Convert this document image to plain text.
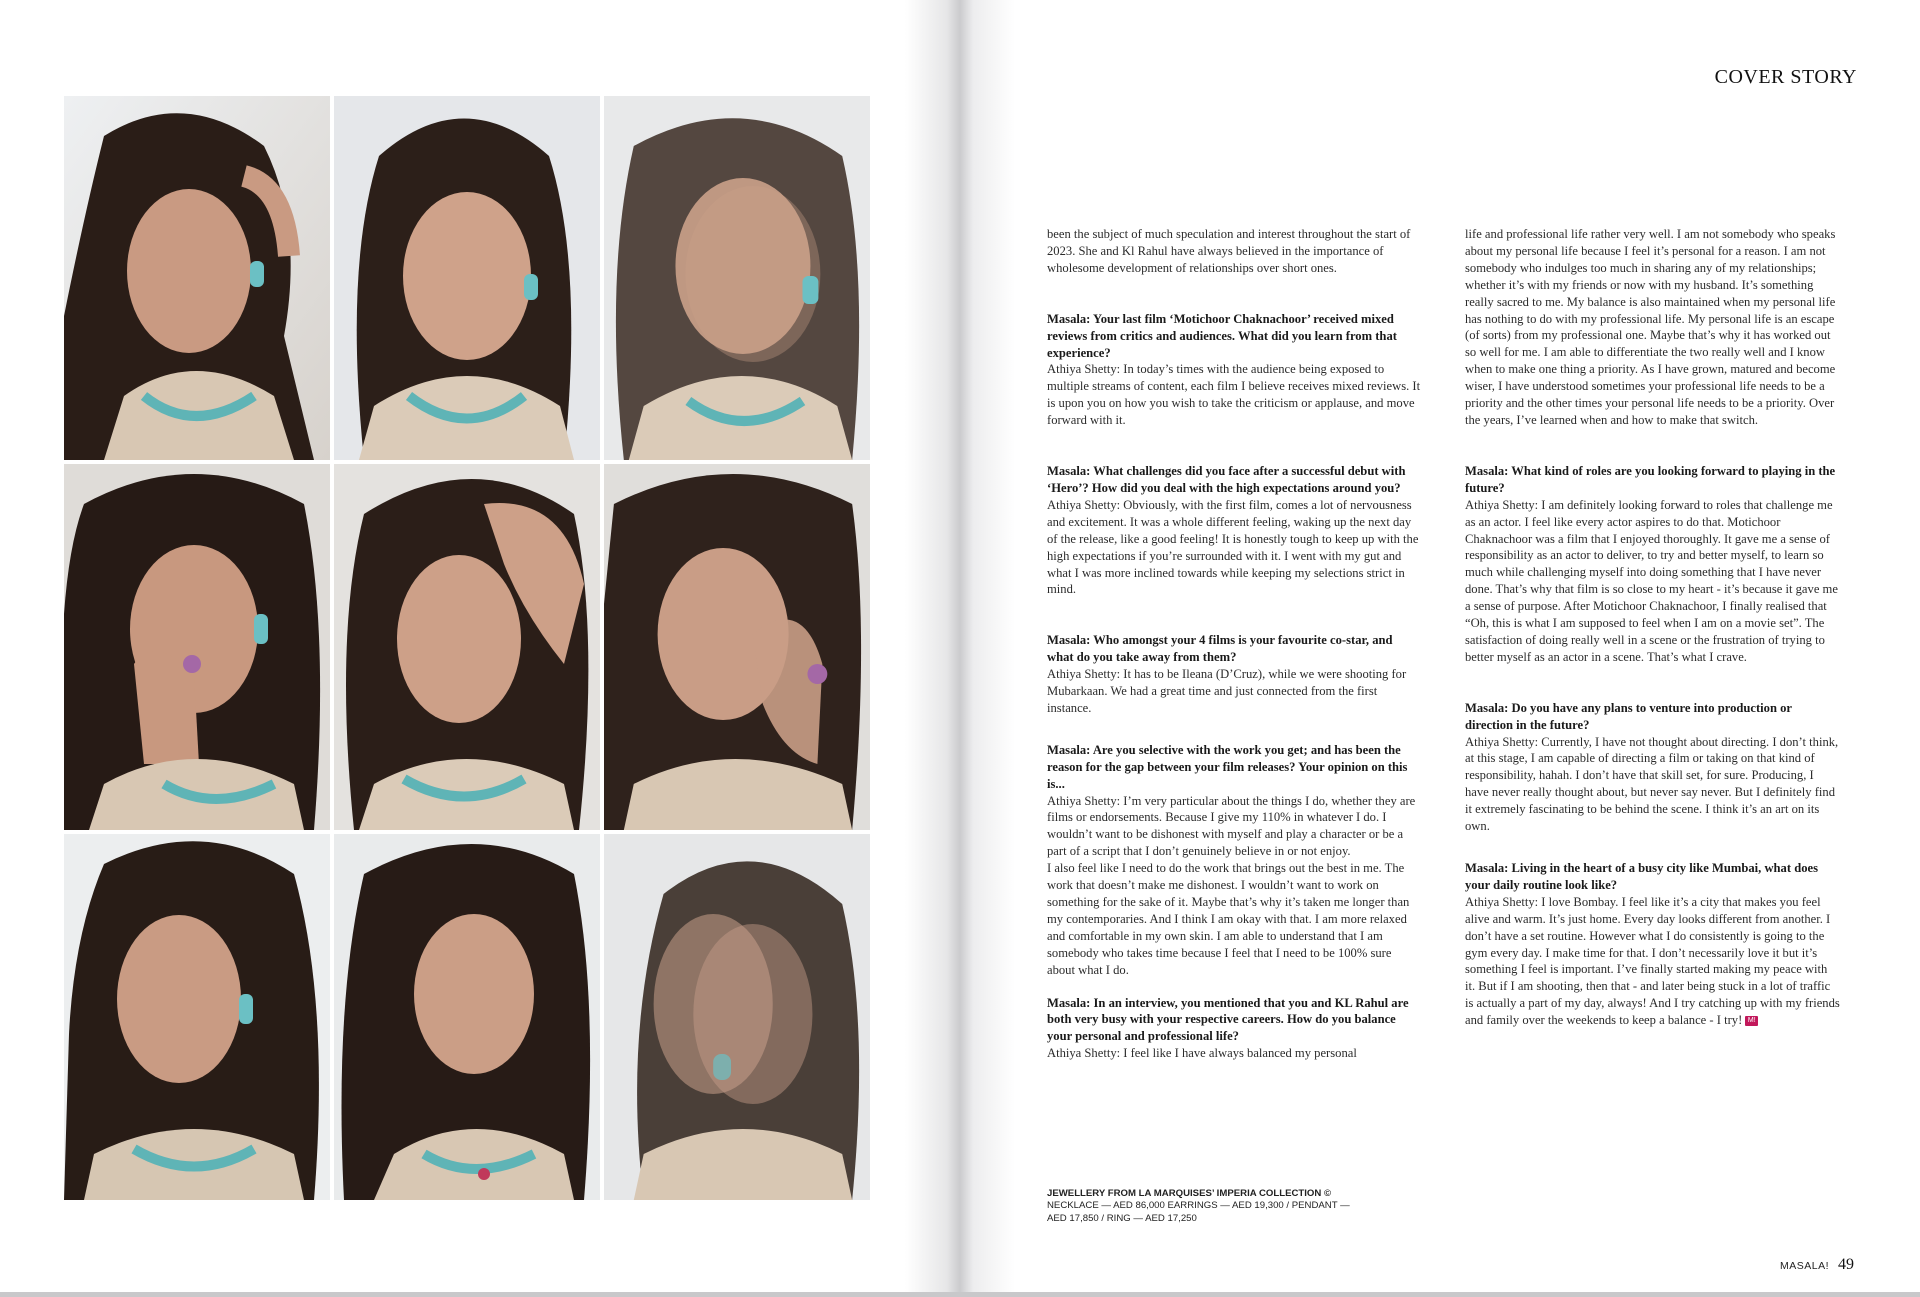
COVER STORY

been the subject of much speculation and interest throughout the start of 2023. She and Kl Rahul have always believed in the importance of wholesome development of relationships over short ones.

Masala: Your last film ‘Motichoor Chaknachoor’ received mixed reviews from critics and audiences. What did you learn from that experience?

Athiya Shetty: In today’s times with the audience being exposed to multiple streams of content, each film I believe receives mixed reviews. It is upon you on how you wish to take the criticism or applause, and move forward with it.

Masala: What challenges did you face after a successful debut with ‘Hero’? How did you deal with the high expectations around you?

Athiya Shetty: Obviously, with the first film, comes a lot of nervousness and excitement. It was a whole different feeling, waking up the next day of the release, like a good feeling! It is honestly tough to keep up with the high expectations if you’re surrounded with it. I went with my gut and what I was more inclined towards while keeping my selections strict in mind.

Masala: Who amongst your 4 films is your favourite co-star, and what do you take away from them?

Athiya Shetty: It has to be Ileana (D’Cruz), while we were shooting for Mubarkaan. We had a great time and just connected from the first instance.

Masala: Are you selective with the work you get; and has been the reason for the gap between your film releases? Your opinion on this is...

Athiya Shetty: I’m very particular about the things I do, whether they are films or endorsements. Because I give my 110% in whatever I do. I wouldn’t want to be dishonest with myself and play a character or be a part of a script that I don’t genuinely believe in or not enjoy.

I also feel like I need to do the work that brings out the best in me. The work that doesn’t make me dishonest. I wouldn’t want to work on something for the sake of it. Maybe that’s why it’s taken me longer than my contemporaries. And I think I am okay with that. I am more relaxed and comfortable in my own skin. I am able to understand that I am somebody who takes time because I feel that I need to be 100% sure about what I do.

Masala: In an interview, you mentioned that you and KL Rahul are both very busy with your respective careers. How do you balance your personal and professional life?

Athiya Shetty: I feel like I have always balanced my personal

life and professional life rather very well. I am not somebody who speaks about my personal life because I feel it’s personal for a reason. I am not somebody who indulges too much in sharing any of my relationships; whether it’s with my friends or now with my husband. It’s something really sacred to me. My balance is also maintained when my personal life has nothing to do with my professional life. My personal life is an escape (of sorts) from my professional one. Maybe that’s why it has worked out so well for me. I am able to differentiate the two really well and I know when to make one thing a priority. As I have grown, matured and become wiser, I have understood sometimes your professional life needs to be a priority and the other times your personal life needs to be a priority. Over the years, I’ve learned when and how to make that switch.

Masala: What kind of roles are you looking forward to playing in the future?

Athiya Shetty: I am definitely looking forward to roles that challenge me as an actor. I feel like every actor aspires to do that. Motichoor Chaknachoor was a film that I enjoyed thoroughly. It gave me a sense of responsibility as an actor to deliver, to try and better myself, to learn so much while challenging myself into doing something that I have never done. That’s why that film is so close to my heart - it’s because it gave me a sense of purpose. After Motichoor Chaknachoor, I finally realised that “Oh, this is what I am supposed to feel when I am on a movie set”. The satisfaction of doing really well in a scene or the frustration of trying to better myself as an actor in a scene. That’s what I crave.

Masala: Do you have any plans to venture into production or direction in the future?

Athiya Shetty: Currently, I have not thought about directing. I don’t think, at this stage, I am capable of directing a film or taking on that kind of responsibility, hahah. I don’t have that skill set, for sure. Producing, I have never really thought about, but never say never. But I definitely find it extremely fascinating to be behind the scene. I think it’s an art on its own.

Masala: Living in the heart of a busy city like Mumbai, what does your daily routine look like?

Athiya Shetty: I love Bombay. I feel like it’s a city that makes you feel alive and warm. It’s just home. Every day looks different from another. I don’t have a set routine. However what I do consistently is going to the gym every day. I make time for that. I don’t necessarily love it but it’s something I feel is important. I’ve finally started making my peace with it. But if I am shooting, then that - and later being stuck in a lot of traffic is actually a part of my day, always! And I try catching up with my friends and family over the weekends to keep a balance - I try! M!

JEWELLERY FROM LA MARQUISES’ IMPERIA COLLECTION ©
NECKLACE — AED 86,000 EARRINGS — AED 19,300 / PENDANT — AED 17,850 / RING — AED 17,250
MASALA! 49
